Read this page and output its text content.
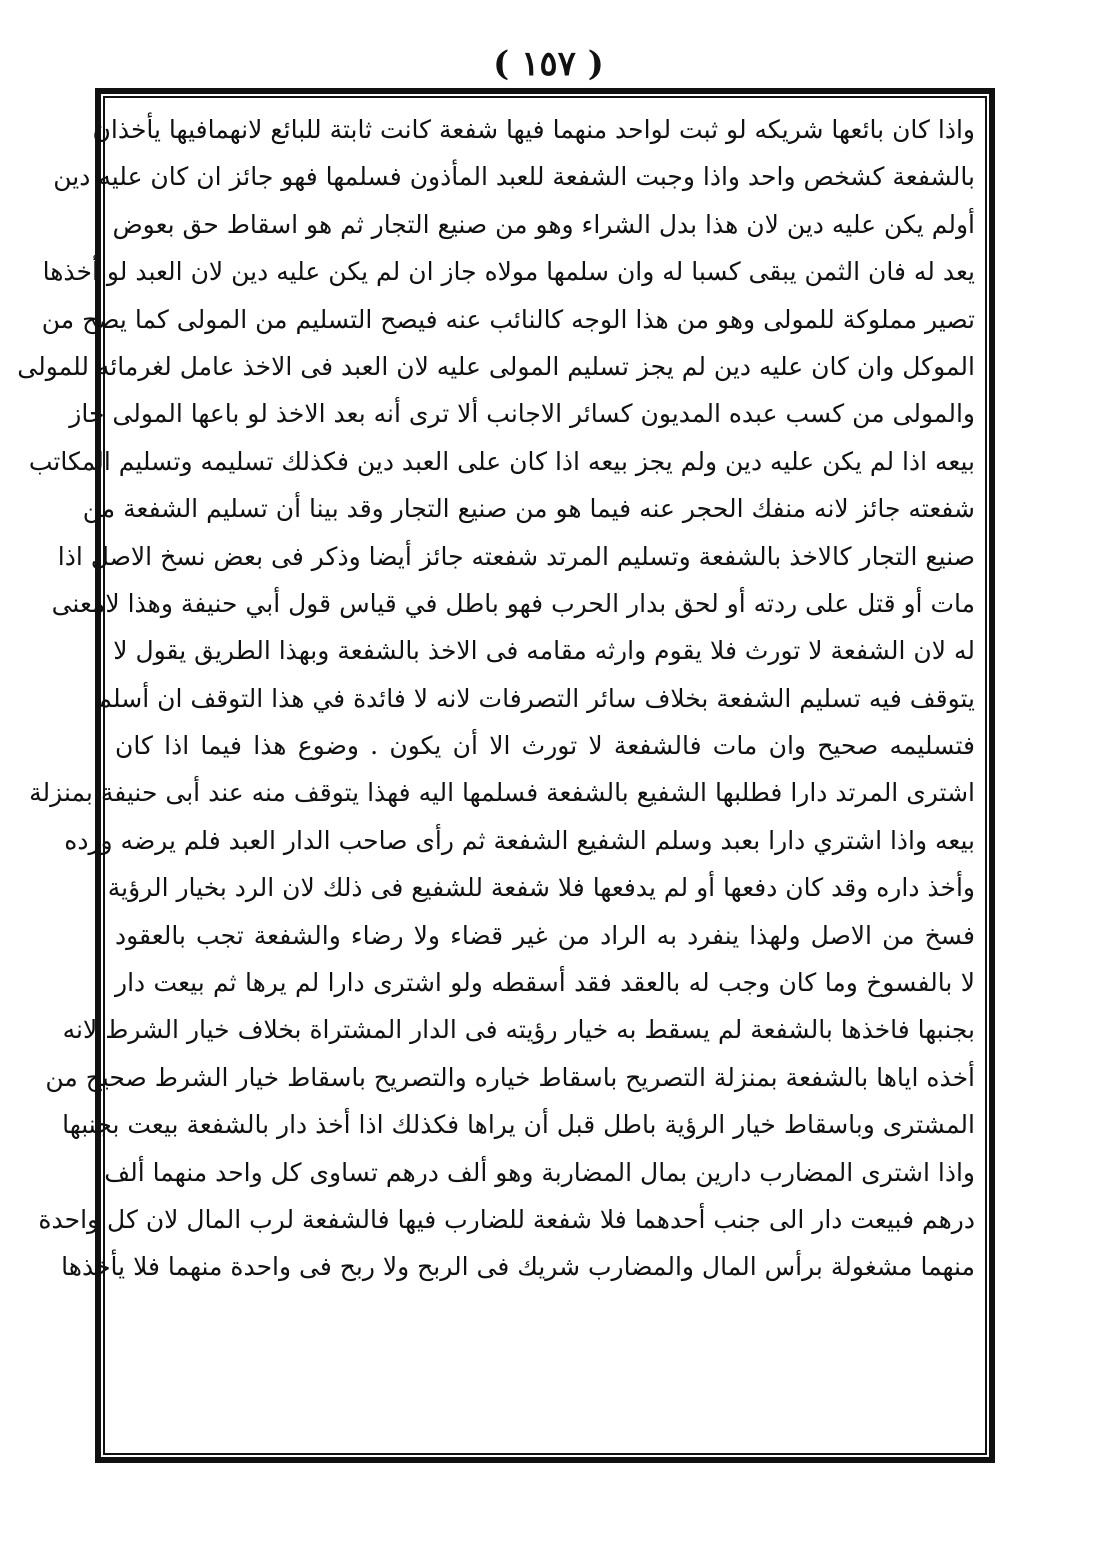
( ١٥٧ )
واذا كان بائعها شريكه لو ثبت لواحد منهما فيها شفعة كانت ثابتة للبائع لانهمافيها يأخذان
بالشفعة كشخص واحد واذا وجبت الشفعة للعبد المأذون فسلمها فهو جائز ان كان عليه دين
أولم يكن عليه دين لان هذا بدل الشراء وهو من صنيع التجار ثم هو اسقاط حق بعوض
يعد له فان الثمن يبقى كسبا له وان سلمها مولاه جاز ان لم يكن عليه دين لان العبد لو أخذها
تصير مملوكة للمولى وهو من هذا الوجه كالنائب عنه فيصح التسليم من المولى كما يصح من
الموكل وان كان عليه دين لم يجز تسليم المولى عليه لان العبد فى الاخذ عامل لغرمائه للمولى
والمولى من كسب عبده المديون كسائر الاجانب ألا ترى أنه بعد الاخذ لو باعها المولى جاز
بيعه اذا لم يكن عليه دين ولم يجز بيعه اذا كان على العبد دين فكذلك تسليمه وتسليم المكاتب
شفعته جائز لانه منفك الحجر عنه فيما هو من صنيع التجار وقد بينا أن تسليم الشفعة من
صنيع التجار كالاخذ بالشفعة وتسليم المرتد شفعته جائز أيضا وذكر فى بعض نسخ الاصل اذا
مات أو قتل على ردته أو لحق بدار الحرب فهو باطل في قياس قول أبي حنيفة وهذا لامعنى
له لان الشفعة لا تورث فلا يقوم وارثه مقامه فى الاخذ بالشفعة وبهذا الطريق يقول لا
يتوقف فيه تسليم الشفعة بخلاف سائر التصرفات لانه لا فائدة في هذا التوقف ان أسلم
فتسليمه صحيح وان مات فالشفعة لا تورث الا أن يكون . وضوع هذا فيما اذا كان
اشترى المرتد دارا فطلبها الشفيع بالشفعة فسلمها اليه فهذا يتوقف منه عند أبى حنيفة بمنزلة
بيعه واذا اشتري دارا بعبد وسلم الشفيع الشفعة ثم رأى صاحب الدار العبد فلم يرضه ورده
وأخذ داره وقد كان دفعها أو لم يدفعها فلا شفعة للشفيع فى ذلك لان الرد بخيار الرؤية
فسخ من الاصل ولهذا ينفرد به الراد من غير قضاء ولا رضاء والشفعة تجب بالعقود
لا بالفسوخ وما كان وجب له بالعقد فقد أسقطه ولو اشترى دارا لم يرها ثم بيعت دار
بجنبها فاخذها بالشفعة لم يسقط به خيار رؤيته فى الدار المشتراة بخلاف خيار الشرط لانه
أخذه اياها بالشفعة بمنزلة التصريح باسقاط خياره والتصريح باسقاط خيار الشرط صحيح من
المشترى وباسقاط خيار الرؤية باطل قبل أن يراها فكذلك اذا أخذ دار بالشفعة بيعت بجنبها
واذا اشترى المضارب دارين بمال المضاربة وهو ألف درهم تساوى كل واحد منهما ألف
درهم فبيعت دار الى جنب أحدهما فلا شفعة للضارب فيها فالشفعة لرب المال لان كل واحدة
منهما مشغولة برأس المال والمضارب شريك فى الربح ولا ربح فى واحدة منهما فلا يأخذها
